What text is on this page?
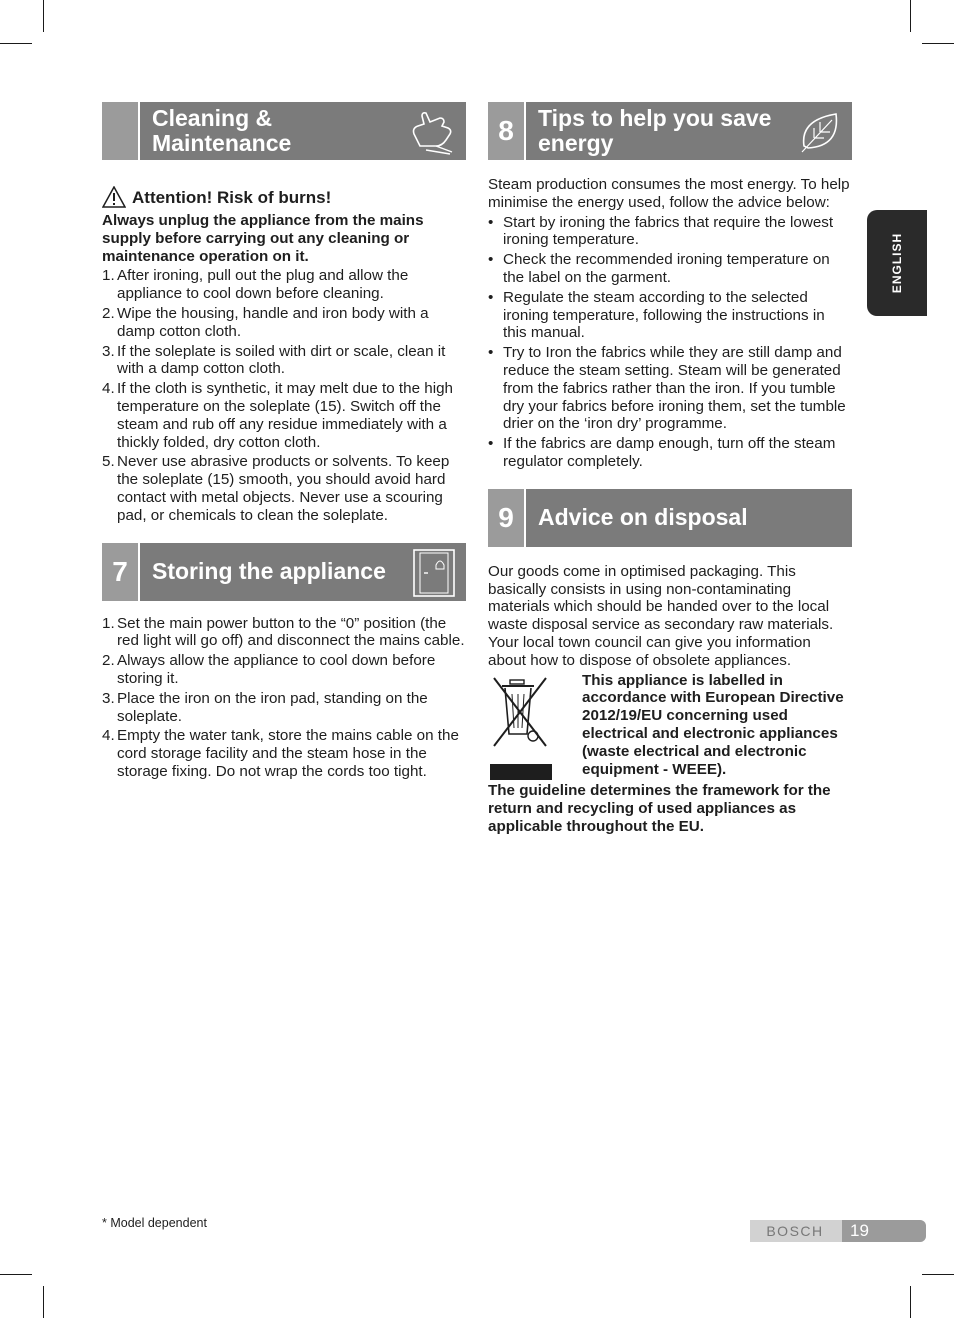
ENGLISH
Cleaning & Maintenance
Attention! Risk of burns!

Always unplug the appliance from the mains supply before carrying out any cleaning or maintenance operation on it.

1. After ironing, pull out the plug and allow the appliance to cool down before cleaning.
2. Wipe the housing, handle and iron body with a damp cotton cloth.
3. If the soleplate is soiled with dirt or scale, clean it with a damp cotton cloth.
4. If the cloth is synthetic, it may melt due to the high temperature on the soleplate (15). Switch off the steam and rub off any residue immediately with a thickly folded, dry cotton cloth.
5. Never use abrasive products or solvents. To keep the soleplate (15) smooth, you should avoid hard contact with metal objects. Never use a scouring pad, or chemicals to clean the soleplate.
7	Storing the appliance
1. Set the main power button to the “0” position (the red light will go off) and disconnect the mains cable.
2. Always allow the appliance to cool down before storing it.
3. Place the iron on the iron pad, standing on the soleplate.
4. Empty the water tank, store the mains cable on the cord storage facility and the steam hose in the storage fixing. Do not wrap the cords too tight.
8	Tips to help you save energy

Steam production consumes the most energy. To help minimise the energy used, follow the advice below:

• Start by ironing the fabrics that require the lowest ironing temperature.
• Check the recommended ironing temperature on the label on the garment.
• Regulate the steam according to the selected ironing temperature, following the instructions in this manual.
• Try to Iron the fabrics while they are still damp and reduce the steam setting. Steam will be generated from the fabrics rather than the iron. If you tumble dry your fabrics before ironing them, set the tumble drier on the ‘iron dry’ programme.
• If the fabrics are damp enough, turn off the steam regulator completely.
9	Advice on disposal

Our goods come in optimised packaging. This basically consists in using non-contaminating materials which should be handed over to the local waste disposal service as secondary raw materials. Your local town council can give you information about how to dispose of obsolete appliances.

This appliance is labelled in accordance with European Directive 2012/19/EU concerning used electrical and electronic appliances (waste electrical and electronic equipment - WEEE).

The guideline determines the framework for the return and recycling of used appliances as applicable throughout the EU.

* Model dependent	BOSCH	19
